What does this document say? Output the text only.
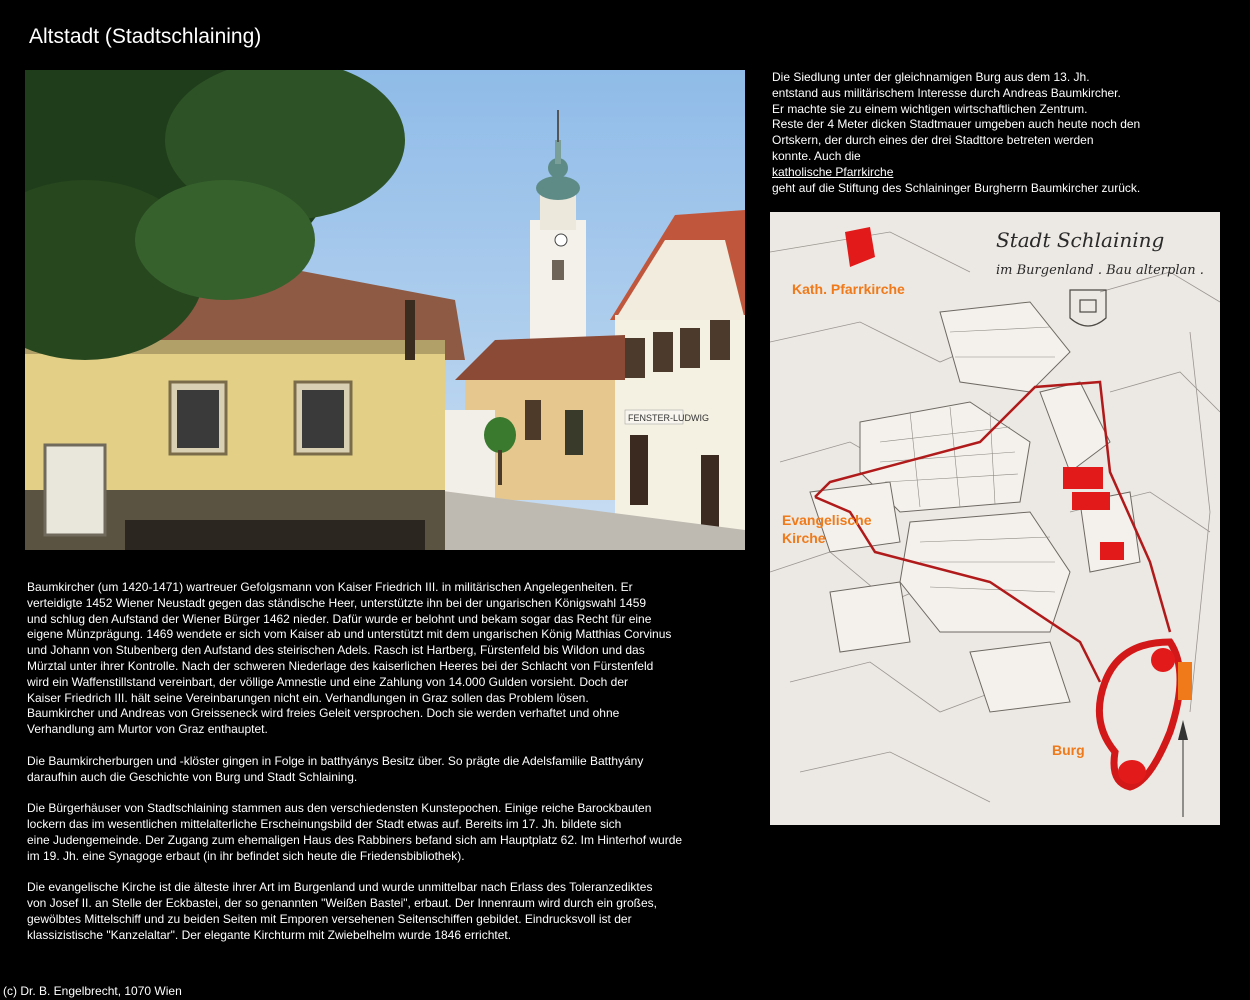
Altstadt (Stadtschlaining)
FENSTER-LUDWIG
Die Siedlung unter der gleichnamigen Burg aus dem 13. Jh.
entstand aus militärischem Interesse durch Andreas Baumkircher.
Er machte sie zu einem wichtigen wirtschaftlichen Zentrum.
Reste der 4 Meter dicken Stadtmauer umgeben auch heute noch den
Ortskern, der durch eines der drei Stadttore betreten werden
konnte. Auch die
katholische Pfarrkirche
geht auf die Stiftung des Schlaininger Burgherrn Baumkircher zurück.
Stadt Schlaining
im Burgenland . Bau alterplan .
Kath. Pfarrkirche
Evangelische
Kirche
Burg

Baumkircher (um 1420-1471) wartreuer Gefolgsmann von Kaiser Friedrich III. in militärischen Angelegenheiten. Er
verteidigte 1452 Wiener Neustadt gegen das ständische Heer, unterstützte ihn bei der ungarischen Königswahl 1459
und schlug den Aufstand der Wiener Bürger 1462 nieder. Dafür wurde er belohnt und bekam sogar das Recht für eine
eigene Münzprägung. 1469 wendete er sich vom Kaiser ab und unterstützt mit dem ungarischen König Matthias Corvinus
und Johann von Stubenberg den Aufstand des steirischen Adels. Rasch ist Hartberg, Fürstenfeld bis Wildon und das
Mürztal unter ihrer Kontrolle. Nach der schweren Niederlage des kaiserlichen Heeres bei der Schlacht von Fürstenfeld
wird ein Waffenstillstand vereinbart, der völlige Amnestie und eine Zahlung von 14.000 Gulden vorsieht. Doch der
Kaiser Friedrich III. hält seine Vereinbarungen nicht ein. Verhandlungen in Graz sollen das Problem lösen.
Baumkircher und Andreas von Greisseneck wird freies Geleit versprochen. Doch sie werden verhaftet und ohne
Verhandlung am Murtor von Graz enthauptet.

Die Baumkircherburgen und -klöster gingen in Folge in batthyánys Besitz über. So prägte die Adelsfamilie Batthyány
daraufhin auch die Geschichte von Burg und Stadt Schlaining.

Die Bürgerhäuser von Stadtschlaining stammen aus den verschiedensten Kunstepochen. Einige reiche Barockbauten
lockern das im wesentlichen mittelalterliche Erscheinungsbild der Stadt etwas auf. Bereits im 17. Jh. bildete sich
eine Judengemeinde. Der Zugang zum ehemaligen Haus des Rabbiners befand sich am Hauptplatz 62. Im Hinterhof wurde
im 19. Jh. eine Synagoge erbaut (in ihr befindet sich heute die Friedensbibliothek).

Die evangelische Kirche ist die älteste ihrer Art im Burgenland und wurde unmittelbar nach Erlass des Toleranzediktes
von Josef II. an Stelle der Eckbastei, der so genannten "Weißen Bastei", erbaut. Der Innenraum wird durch ein großes,
gewölbtes Mittelschiff und zu beiden Seiten mit Emporen versehenen Seitenschiffen gebildet. Eindrucksvoll ist der
klassizistische "Kanzelaltar". Der elegante Kirchturm mit Zwiebelhelm wurde 1846 errichtet.

(c) Dr. B. Engelbrecht, 1070 Wien
